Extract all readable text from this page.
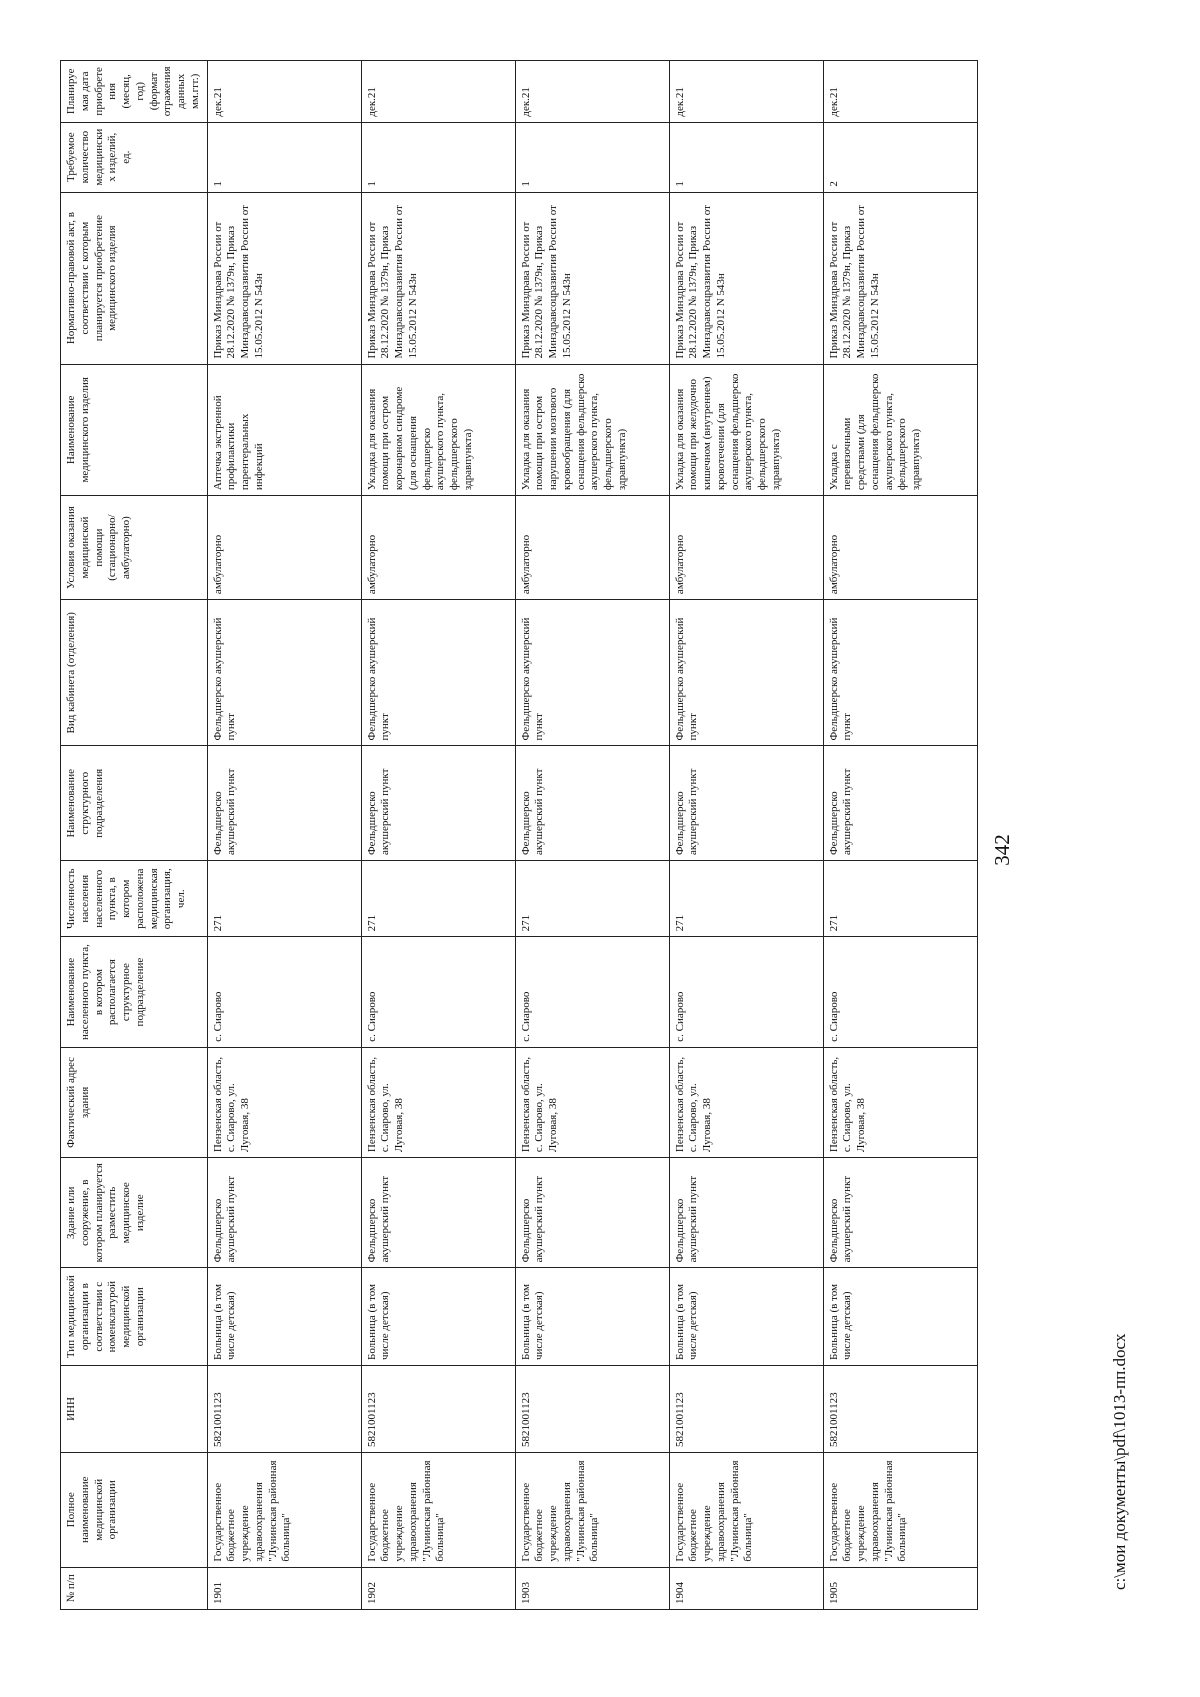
342
№ п/п	Полное наименование медицинской организации	ИНН	Тип медицинской организации в соответствии с номенклатурой медицинской организации	Здание или сооружение, в котором планируется разместить медицинское изделие	Фактический адрес здания	Наименование населенного пункта, в котором располагается структурное подразделение	Численность населения населенного пункта, в котором расположена медицинская организация, чел.	Наименование структурного подразделения	Вид кабинета (отделения)	Условия оказания медицинской помощи (стационарно/амбулаторно)	Наименование медицинского изделия	Нормативно-правовой акт, в соответствии с которым планируется приобретение медицинского изделия	Требуемое количество медицинских изделий, ед.	Планируемая дата приобретения (месяц, год) (формат отражения данных мм.ггг.)
1901	Государственное бюджетное учреждение здравоохранения "Лунинская районная больница"	5821001123	Больница (в том числе детская)	Фельдшерско акушерский пункт	Пензенская область, с. Сиарово, ул. Луговая, 38	с. Сиарово	271	Фельдшерско акушерский пункт	Фельдшерско акушерский пункт	амбулаторно	Аптечка экстренной профилактики парентеральных инфекций	Приказ Минздрава России от 28.12.2020 № 1379н, Приказ Минздравсоцразвития России от 15.05.2012 N 543н	1	дек.21
1902	Государственное бюджетное учреждение здравоохранения "Лунинская районная больница"	5821001123	Больница (в том числе детская)	Фельдшерско акушерский пункт	Пензенская область, с. Сиарово, ул. Луговая, 38	с. Сиарово	271	Фельдшерско акушерский пункт	Фельдшерско акушерский пункт	амбулаторно	Укладка для оказания помощи при остром коронарном синдроме (для оснащения фельдшерско акушерского пункта, фельдшерского здравпункта)	Приказ Минздрава России от 28.12.2020 № 1379н, Приказ Минздравсоцразвития России от 15.05.2012 N 543н	1	дек.21
1903	Государственное бюджетное учреждение здравоохранения "Лунинская районная больница"	5821001123	Больница (в том числе детская)	Фельдшерско акушерский пункт	Пензенская область, с. Сиарово, ул. Луговая, 38	с. Сиарово	271	Фельдшерско акушерский пункт	Фельдшерско акушерский пункт	амбулаторно	Укладка для оказания помощи при остром нарушении мозгового кровообращения (для оснащения фельдшерско акушерского пункта, фельдшерского здравпункта)	Приказ Минздрава России от 28.12.2020 № 1379н, Приказ Минздравсоцразвития России от 15.05.2012 N 543н	1	дек.21
1904	Государственное бюджетное учреждение здравоохранения "Лунинская районная больница"	5821001123	Больница (в том числе детская)	Фельдшерско акушерский пункт	Пензенская область, с. Сиарово, ул. Луговая, 38	с. Сиарово	271	Фельдшерско акушерский пункт	Фельдшерско акушерский пункт	амбулаторно	Укладка для оказания помощи при желудочно кишечном (внутреннем) кровотечении (для оснащения фельдшерско акушерского пункта, фельдшерского здравпункта)	Приказ Минздрава России от 28.12.2020 № 1379н, Приказ Минздравсоцразвития России от 15.05.2012 N 543н	1	дек.21
1905	Государственное бюджетное учреждение здравоохранения "Лунинская районная больница"	5821001123	Больница (в том числе детская)	Фельдшерско акушерский пункт	Пензенская область, с. Сиарово, ул. Луговая, 38	с. Сиарово	271	Фельдшерско акушерский пункт	Фельдшерско акушерский пункт	амбулаторно	Укладка с перевязочными средствами (для оснащения фельдшерско акушерского пункта, фельдшерского здравпункта)	Приказ Минздрава России от 28.12.2020 № 1379н, Приказ Минздравсоцразвития России от 15.05.2012 N 543н	2	дек.21
c:\мои документы\pdf\1013-пп.docx
